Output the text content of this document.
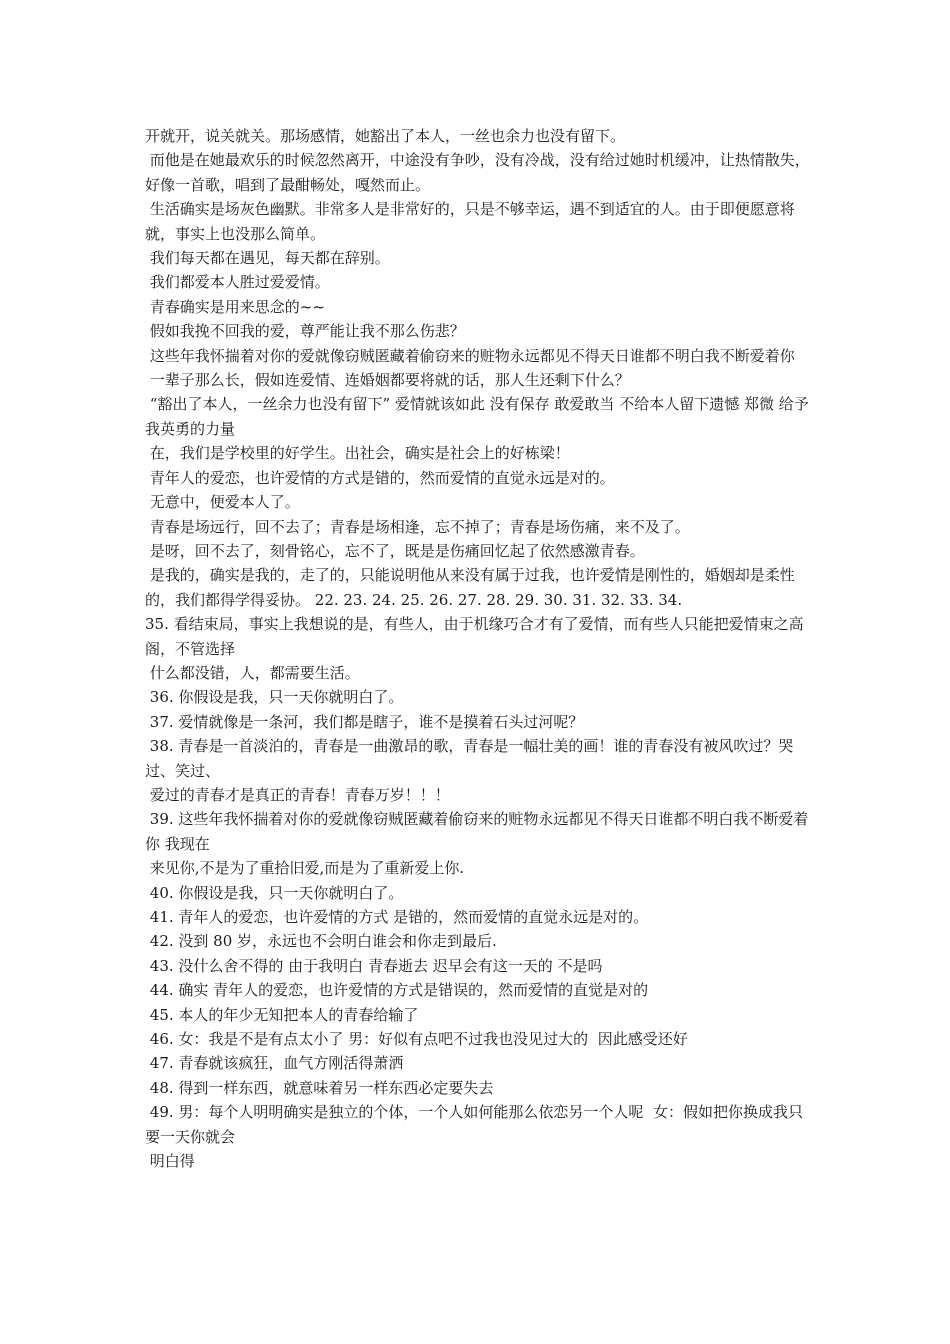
开就开，说关就关。那场感情，她豁出了本人，一丝也余力也没有留下。

而他是在她最欢乐的时候忽然离开，中途没有争吵，没有冷战，没有给过她时机缓冲，让热情散失，好像一首歌，唱到了最酣畅处，嘎然而止。

生活确实是场灰色幽默。非常多人是非常好的，只是不够幸运，遇不到适宜的人。由于即便愿意将就，事实上也没那么简单。

我们每天都在遇见，每天都在辞别。

我们都爱本人胜过爱爱情。

青春确实是用来思念的~~

假如我挽不回我的爱，尊严能让我不那么伤悲？

这些年我怀揣着对你的爱就像窃贼匿藏着偷窃来的赃物永远都见不得天日谁都不明白我不断爱着你

一辈子那么长，假如连爱情、连婚姻都要将就的话，那人生还剩下什么？

“豁出了本人，一丝余力也没有留下” 爱情就该如此 没有保存 敢爱敢当 不给本人留下遗憾 郑微 给予我英勇的力量

在，我们是学校里的好学生。出社会，确实是社会上的好栋梁！

青年人的爱恋，也许爱情的方式是错的，然而爱情的直觉永远是对的。

无意中，便爱本人了。

青春是场远行，回不去了；青春是场相逢，忘不掉了；青春是场伤痛，来不及了。

是呀，回不去了，刻骨铭心，忘不了，既是是伤痛回忆起了依然感激青春。

是我的，确实是我的，走了的，只能说明他从来没有属于过我，也许爱情是刚性的，婚姻却是柔性的，我们都得学得妥协。 22. 23. 24. 25. 26. 27. 28. 29. 30. 31. 32. 33. 34.

35. 看结束局，事实上我想说的是，有些人，由于机缘巧合才有了爱情，而有些人只能把爱情束之高阁，不管选择

什么都没错，人，都需要生活。

36. 你假设是我，只一天你就明白了。

37. 爱情就像是一条河，我们都是瞎子，谁不是摸着石头过河呢？

38. 青春是一首淡泊的，青春是一曲激昂的歌，青春是一幅壮美的画！谁的青春没有被风吹过？哭过、笑过、

爱过的青春才是真正的青春！青春万岁！！！

39. 这些年我怀揣着对你的爱就像窃贼匿藏着偷窃来的赃物永远都见不得天日谁都不明白我不断爱着你 我现在

来见你,不是为了重拾旧爱,而是为了重新爱上你.

40. 你假设是我，只一天你就明白了。

41. 青年人的爱恋，也许爱情的方式 是错的，然而爱情的直觉永远是对的。

42. 没到 80 岁，永远也不会明白谁会和你走到最后.

43. 没什么舍不得的 由于我明白 青春逝去 迟早会有这一天的 不是吗

44. 确实 青年人的爱恋，也许爱情的方式是错误的，然而爱情的直觉是对的

45. 本人的年少无知把本人的青春给输了

46. 女：我是不是有点太小了 男：好似有点吧不过我也没见过大的  因此感受还好

47. 青春就该疯狂，血气方刚活得萧洒

48. 得到一样东西，就意味着另一样东西必定要失去

49. 男：每个人明明确实是独立的个体，一个人如何能那么依恋另一个人呢  女：假如把你换成我只要一天你就会

明白得
